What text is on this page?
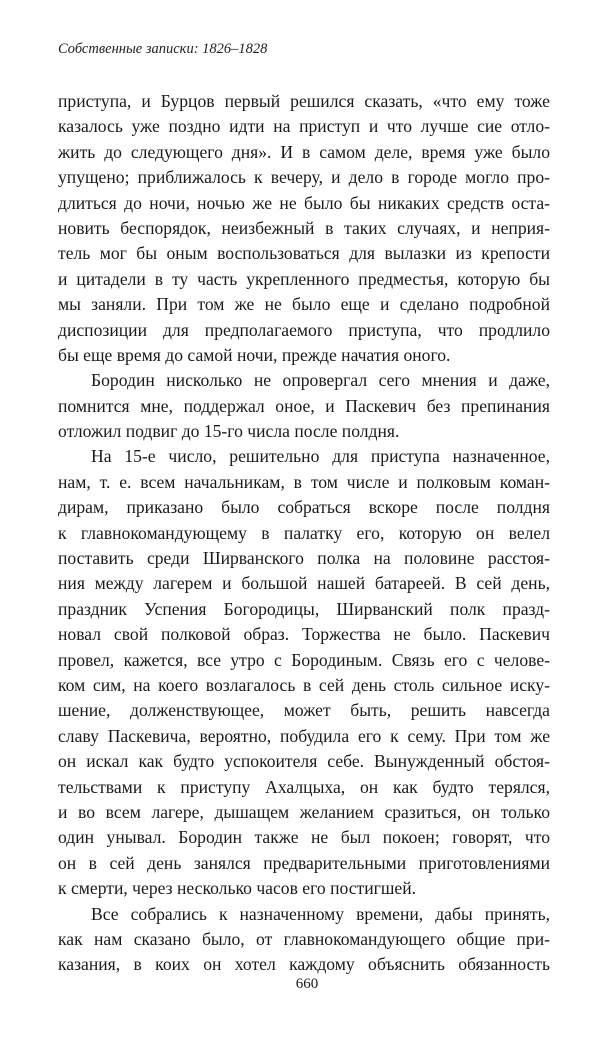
Собственные записки: 1826–1828
приступа, и Бурцов первый решился сказать, «что ему тоже
казалось уже поздно идти на приступ и что лучше сие отло-
жить до следующего дня». И в самом деле, время уже было
упущено; приближалось к вечеру, и дело в городе могло про-
длиться до ночи, ночью же не было бы никаких средств оста-
новить беспорядок, неизбежный в таких случаях, и неприя-
тель мог бы оным воспользоваться для вылазки из крепости
и цитадели в ту часть укрепленного предместья, которую бы
мы заняли. При том же не было еще и сделано подробной
диспозиции для предполагаемого приступа, что продлило
бы еще время до самой ночи, прежде начатия оного.
Бородин нисколько не опровергал сего мнения и даже,
помнится мне, поддержал оное, и Паскевич без препинания
отложил подвиг до 15-го числа после полдня.
На 15-е число, решительно для приступа назначенное,
нам, т. е. всем начальникам, в том числе и полковым коман-
дирам, приказано было собраться вскоре после полдня
к главнокомандующему в палатку его, которую он велел
поставить среди Ширванского полка на половине расстоя-
ния между лагерем и большой нашей батареей. В сей день,
праздник Успения Богородицы, Ширванский полк празд-
новал свой полковой образ. Торжества не было. Паскевич
провел, кажется, все утро с Бородиным. Связь его с челове-
ком сим, на коего возлагалось в сей день столь сильное иску-
шение, долженствующее, может быть, решить навсегда
славу Паскевича, вероятно, побудила его к сему. При том же
он искал как будто успокоителя себе. Вынужденный обстоя-
тельствами к приступу Ахалцыха, он как будто терялся,
и во всем лагере, дышащем желанием сразиться, он только
один унывал. Бородин также не был покоен; говорят, что
он в сей день занялся предварительными приготовлениями
к смерти, через несколько часов его постигшей.
Все собрались к назначенному времени, дабы принять,
как нам сказано было, от главнокомандующего общие при-
казания, в коих он хотел каждому объяснить обязанность
660
